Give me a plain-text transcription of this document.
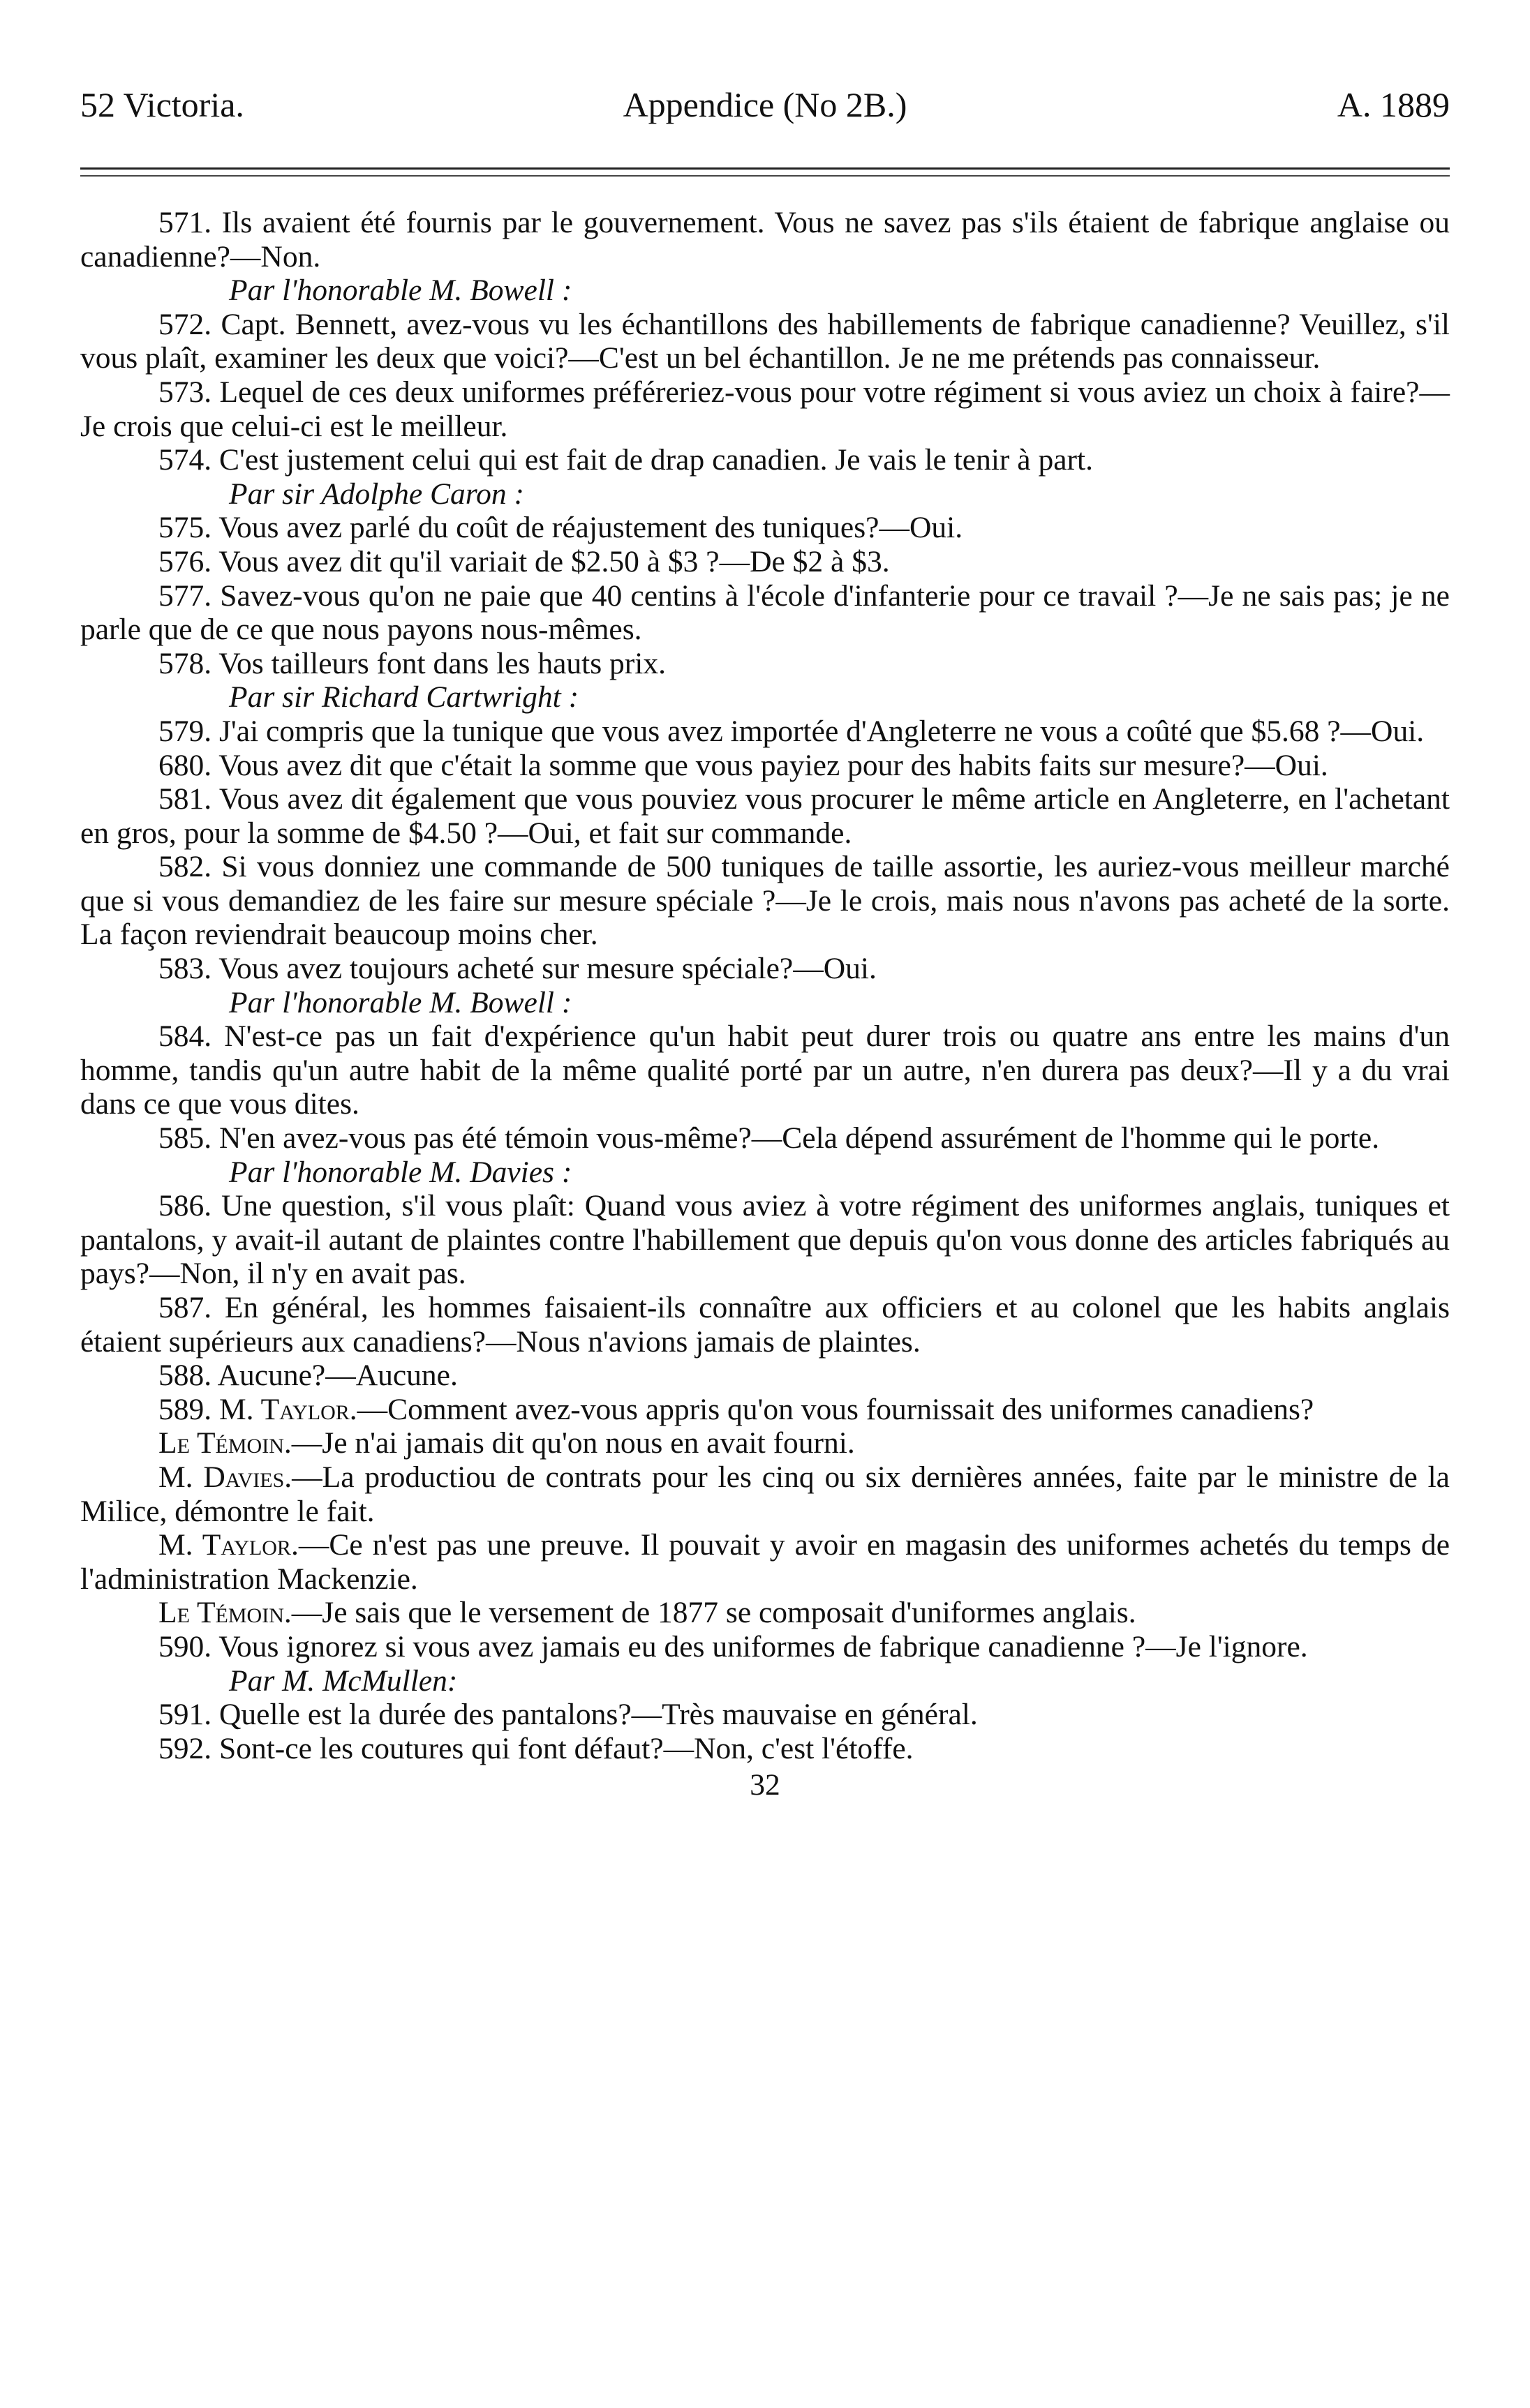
52 Victoria.	Appendice (No 2B.)	A. 1889

571. Ils avaient été fournis par le gouvernement. Vous ne savez pas s'ils étaient de fabrique anglaise ou canadienne?—Non.

Par l'honorable M. Bowell :

572. Capt. Bennett, avez-vous vu les échantillons des habillements de fabrique canadienne? Veuillez, s'il vous plaît, examiner les deux que voici?—C'est un bel échantillon. Je ne me prétends pas connaisseur.

573. Lequel de ces deux uniformes préféreriez-vous pour votre régiment si vous aviez un choix à faire?—Je crois que celui-ci est le meilleur.

574. C'est justement celui qui est fait de drap canadien. Je vais le tenir à part.

Par sir Adolphe Caron :

575. Vous avez parlé du coût de réajustement des tuniques?—Oui.

576. Vous avez dit qu'il variait de $2.50 à $3 ?—De $2 à $3.

577. Savez-vous qu'on ne paie que 40 centins à l'école d'infanterie pour ce travail ?—Je ne sais pas; je ne parle que de ce que nous payons nous-mêmes.

578. Vos tailleurs font dans les hauts prix.

Par sir Richard Cartwright :

579. J'ai compris que la tunique que vous avez importée d'Angleterre ne vous a coûté que $5.68 ?—Oui.

680. Vous avez dit que c'était la somme que vous payiez pour des habits faits sur mesure?—Oui.

581. Vous avez dit également que vous pouviez vous procurer le même article en Angleterre, en l'achetant en gros, pour la somme de $4.50 ?—Oui, et fait sur commande.

582. Si vous donniez une commande de 500 tuniques de taille assortie, les auriez-vous meilleur marché que si vous demandiez de les faire sur mesure spéciale ?—Je le crois, mais nous n'avons pas acheté de la sorte. La façon reviendrait beaucoup moins cher.

583. Vous avez toujours acheté sur mesure spéciale?—Oui.

Par l'honorable M. Bowell :

584. N'est-ce pas un fait d'expérience qu'un habit peut durer trois ou quatre ans entre les mains d'un homme, tandis qu'un autre habit de la même qualité porté par un autre, n'en durera pas deux?—Il y a du vrai dans ce que vous dites.

585. N'en avez-vous pas été témoin vous-même?—Cela dépend assurément de l'homme qui le porte.

Par l'honorable M. Davies :

586. Une question, s'il vous plaît: Quand vous aviez à votre régiment des uniformes anglais, tuniques et pantalons, y avait-il autant de plaintes contre l'habillement que depuis qu'on vous donne des articles fabriqués au pays?—Non, il n'y en avait pas.

587. En général, les hommes faisaient-ils connaître aux officiers et au colonel que les habits anglais étaient supérieurs aux canadiens?—Nous n'avions jamais de plaintes.

588. Aucune?—Aucune.

589. M. Taylor.—Comment avez-vous appris qu'on vous fournissait des uniformes canadiens?

Le Témoin.—Je n'ai jamais dit qu'on nous en avait fourni.

M. Davies.—La productiou de contrats pour les cinq ou six dernières années, faite par le ministre de la Milice, démontre le fait.

M. Taylor.—Ce n'est pas une preuve. Il pouvait y avoir en magasin des uniformes achetés du temps de l'administration Mackenzie.

Le Témoin.—Je sais que le versement de 1877 se composait d'uniformes anglais.

590. Vous ignorez si vous avez jamais eu des uniformes de fabrique canadienne ?—Je l'ignore.

Par M. McMullen:

591. Quelle est la durée des pantalons?—Très mauvaise en général.

592. Sont-ce les coutures qui font défaut?—Non, c'est l'étoffe.

32
